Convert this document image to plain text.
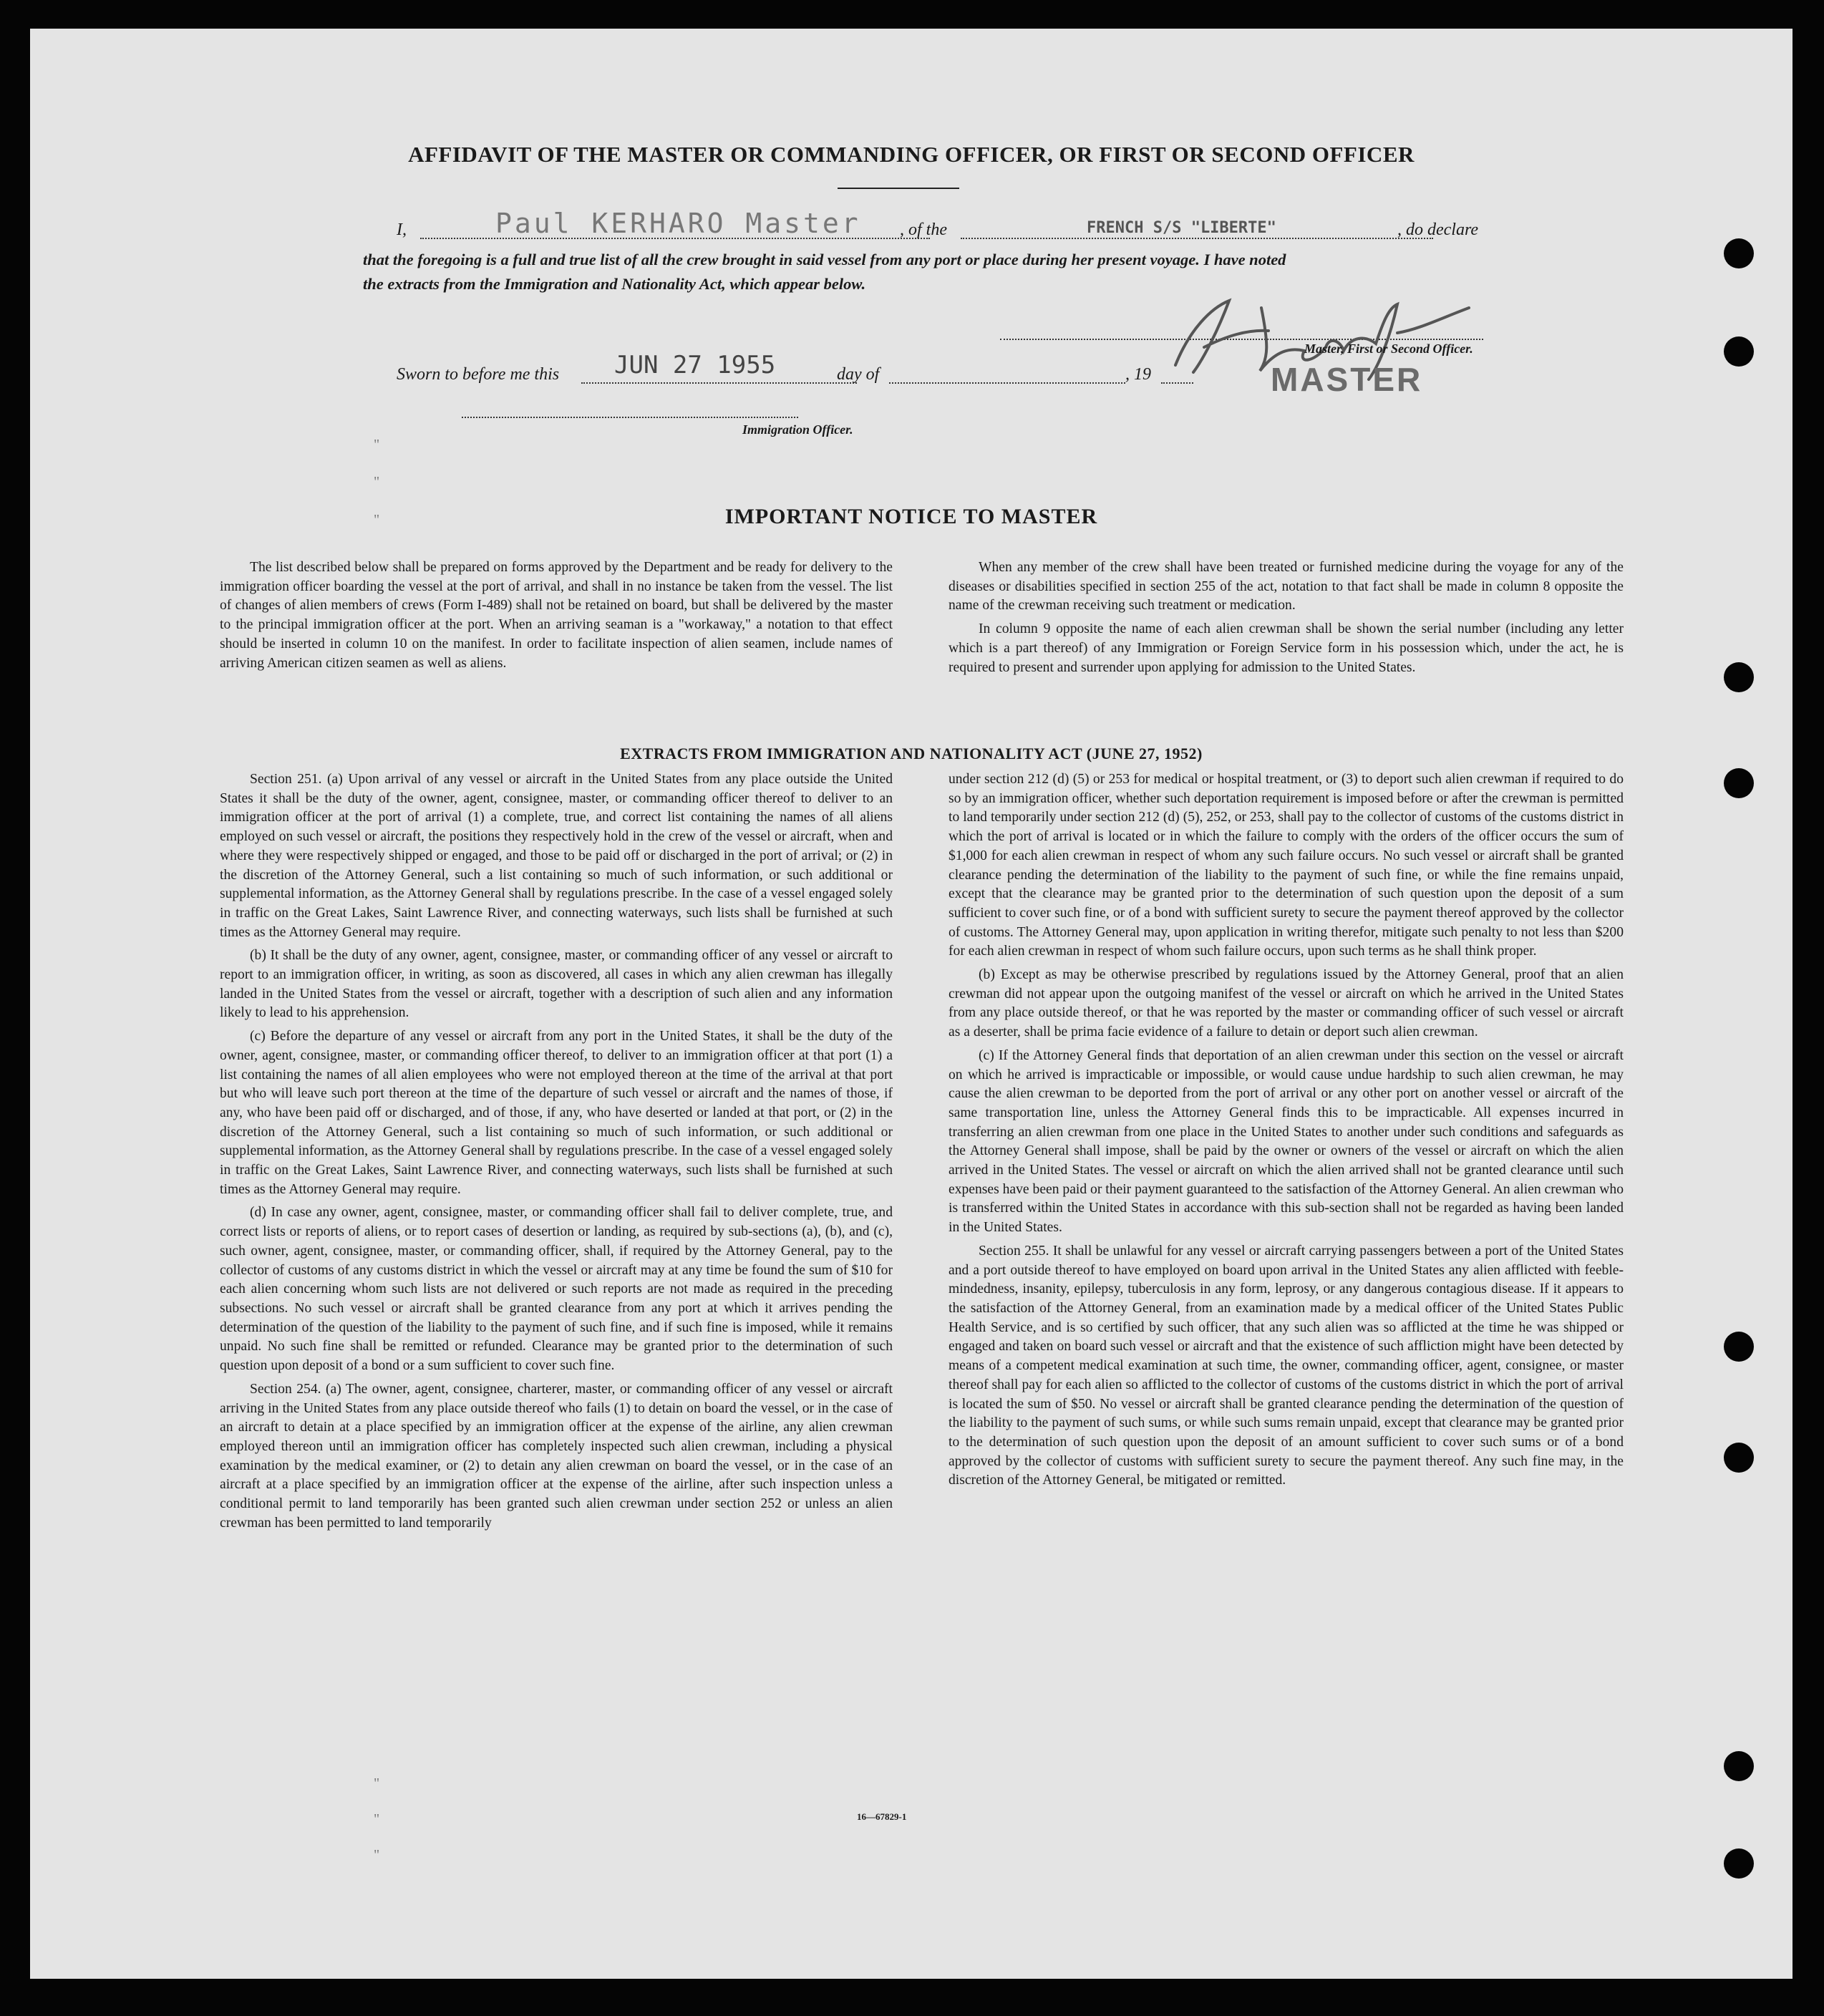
"
"
"
"
"
"
AFFIDAVIT OF THE MASTER OR COMMANDING OFFICER, OR FIRST OR SECOND OFFICER
I,	Paul KERHARO Master , of the	FRENCH S/S "LIBERTE"	, do declare
that the foregoing is a full and true list of all the crew brought in said vessel from any port or place during her present voyage. I have noted
the extracts from the Immigration and Nationality Act, which appear below.
Master, First or Second Officer.
MASTER
Sworn to before me this JUN 27 1955	day of	, 19
Immigration Officer.
IMPORTANT NOTICE TO MASTER

The list described below shall be prepared on forms approved by the Department and be ready for delivery to the immigration officer boarding the vessel at the port of arrival, and shall in no instance be taken from the vessel. The list of changes of alien members of crews (Form I-489) shall not be retained on board, but shall be delivered by the master to the principal immigration officer at the port. When an arriving seaman is a "workaway," a notation to that effect should be inserted in column 10 on the manifest. In order to facilitate inspection of alien seamen, include names of arriving American citizen seamen as well as aliens.

When any member of the crew shall have been treated or furnished medicine during the voyage for any of the diseases or disabilities specified in section 255 of the act, notation to that fact shall be made in column 8 opposite the name of the crewman receiving such treatment or medication.

In column 9 opposite the name of each alien crewman shall be shown the serial number (including any letter which is a part thereof) of any Immigration or Foreign Service form in his possession which, under the act, he is required to present and surrender upon applying for admission to the United States.

EXTRACTS FROM IMMIGRATION AND NATIONALITY ACT (JUNE 27, 1952)

Section 251. (a) Upon arrival of any vessel or aircraft in the United States from any place outside the United States it shall be the duty of the owner, agent, consignee, master, or commanding officer thereof to deliver to an immigration officer at the port of arrival (1) a complete, true, and correct list containing the names of all aliens employed on such vessel or aircraft, the positions they respectively hold in the crew of the vessel or aircraft, when and where they were respectively shipped or engaged, and those to be paid off or discharged in the port of arrival; or (2) in the discretion of the Attorney General, such a list containing so much of such information, or such additional or supplemental information, as the Attorney General shall by regulations prescribe. In the case of a vessel engaged solely in traffic on the Great Lakes, Saint Lawrence River, and connecting waterways, such lists shall be furnished at such times as the Attorney General may require.

(b) It shall be the duty of any owner, agent, consignee, master, or commanding officer of any vessel or aircraft to report to an immigration officer, in writing, as soon as discovered, all cases in which any alien crewman has illegally landed in the United States from the vessel or aircraft, together with a description of such alien and any information likely to lead to his apprehension.

(c) Before the departure of any vessel or aircraft from any port in the United States, it shall be the duty of the owner, agent, consignee, master, or commanding officer thereof, to deliver to an immigration officer at that port (1) a list containing the names of all alien employees who were not employed thereon at the time of the arrival at that port but who will leave such port thereon at the time of the departure of such vessel or aircraft and the names of those, if any, who have been paid off or discharged, and of those, if any, who have deserted or landed at that port, or (2) in the discretion of the Attorney General, such a list containing so much of such information, or such additional or supplemental information, as the Attorney General shall by regulations prescribe. In the case of a vessel engaged solely in traffic on the Great Lakes, Saint Lawrence River, and connecting waterways, such lists shall be furnished at such times as the Attorney General may require.

(d) In case any owner, agent, consignee, master, or commanding officer shall fail to deliver complete, true, and correct lists or reports of aliens, or to report cases of desertion or landing, as required by sub-sections (a), (b), and (c), such owner, agent, consignee, master, or commanding officer, shall, if required by the Attorney General, pay to the collector of customs of any customs district in which the vessel or aircraft may at any time be found the sum of $10 for each alien concerning whom such lists are not delivered or such reports are not made as required in the preceding subsections. No such vessel or aircraft shall be granted clearance from any port at which it arrives pending the determination of the question of the liability to the payment of such fine, and if such fine is imposed, while it remains unpaid. No such fine shall be remitted or refunded. Clearance may be granted prior to the determination of such question upon deposit of a bond or a sum sufficient to cover such fine.

Section 254. (a) The owner, agent, consignee, charterer, master, or commanding officer of any vessel or aircraft arriving in the United States from any place outside thereof who fails (1) to detain on board the vessel, or in the case of an aircraft to detain at a place specified by an immigration officer at the expense of the airline, any alien crewman employed thereon until an immigration officer has completely inspected such alien crewman, including a physical examination by the medical examiner, or (2) to detain any alien crewman on board the vessel, or in the case of an aircraft at a place specified by an immigration officer at the expense of the airline, after such inspection unless a conditional permit to land temporarily has been granted such alien crewman under section 252 or unless an alien crewman has been permitted to land temporarily

under section 212 (d) (5) or 253 for medical or hospital treatment, or (3) to deport such alien crewman if required to do so by an immigration officer, whether such deportation requirement is imposed before or after the crewman is permitted to land temporarily under section 212 (d) (5), 252, or 253, shall pay to the collector of customs of the customs district in which the port of arrival is located or in which the failure to comply with the orders of the officer occurs the sum of $1,000 for each alien crewman in respect of whom any such failure occurs. No such vessel or aircraft shall be granted clearance pending the determination of the liability to the payment of such fine, or while the fine remains unpaid, except that the clearance may be granted prior to the determination of such question upon the deposit of a sum sufficient to cover such fine, or of a bond with sufficient surety to secure the payment thereof approved by the collector of customs. The Attorney General may, upon application in writing therefor, mitigate such penalty to not less than $200 for each alien crewman in respect of whom such failure occurs, upon such terms as he shall think proper.

(b) Except as may be otherwise prescribed by regulations issued by the Attorney General, proof that an alien crewman did not appear upon the outgoing manifest of the vessel or aircraft on which he arrived in the United States from any place outside thereof, or that he was reported by the master or commanding officer of such vessel or aircraft as a deserter, shall be prima facie evidence of a failure to detain or deport such alien crewman.

(c) If the Attorney General finds that deportation of an alien crewman under this section on the vessel or aircraft on which he arrived is impracticable or impossible, or would cause undue hardship to such alien crewman, he may cause the alien crewman to be deported from the port of arrival or any other port on another vessel or aircraft of the same transportation line, unless the Attorney General finds this to be impracticable. All expenses incurred in transferring an alien crewman from one place in the United States to another under such conditions and safeguards as the Attorney General shall impose, shall be paid by the owner or owners of the vessel or aircraft on which the alien arrived in the United States. The vessel or aircraft on which the alien arrived shall not be granted clearance until such expenses have been paid or their payment guaranteed to the satisfaction of the Attorney General. An alien crewman who is transferred within the United States in accordance with this sub-section shall not be regarded as having been landed in the United States.

Section 255. It shall be unlawful for any vessel or aircraft carrying passengers between a port of the United States and a port outside thereof to have employed on board upon arrival in the United States any alien afflicted with feeble-mindedness, insanity, epilepsy, tuberculosis in any form, leprosy, or any dangerous contagious disease. If it appears to the satisfaction of the Attorney General, from an examination made by a medical officer of the United States Public Health Service, and is so certified by such officer, that any such alien was so afflicted at the time he was shipped or engaged and taken on board such vessel or aircraft and that the existence of such affliction might have been detected by means of a competent medical examination at such time, the owner, commanding officer, agent, consignee, or master thereof shall pay for each alien so afflicted to the collector of customs of the customs district in which the port of arrival is located the sum of $50. No vessel or aircraft shall be granted clearance pending the determination of the question of the liability to the payment of such sums, or while such sums remain unpaid, except that clearance may be granted prior to the determination of such question upon the deposit of an amount sufficient to cover such sums or of a bond approved by the collector of customs with sufficient surety to secure the payment thereof. Any such fine may, in the discretion of the Attorney General, be mitigated or remitted.

16—67829-1
